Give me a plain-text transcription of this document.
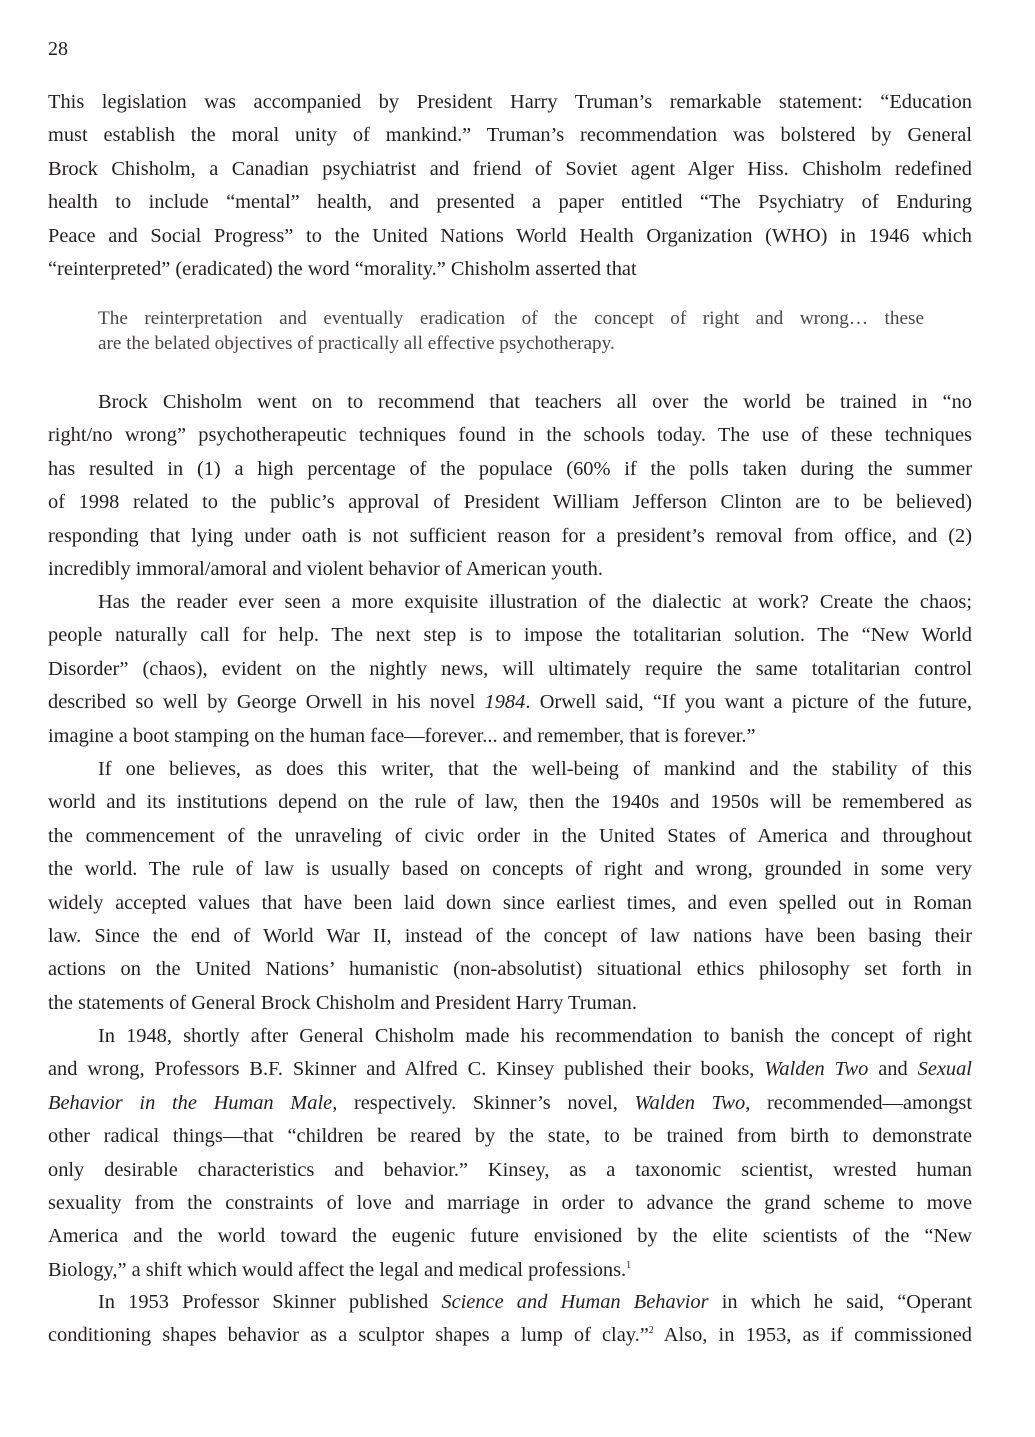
28
This legislation was accompanied by President Harry Truman’s remarkable statement: “Education
must establish the moral unity of mankind.” Truman’s recommendation was bolstered by General
Brock Chisholm, a Canadian psychiatrist and friend of Soviet agent Alger Hiss. Chisholm redefined
health to include “mental” health, and presented a paper entitled “The Psychiatry of Enduring
Peace and Social Progress” to the United Nations World Health Organization (WHO) in 1946 which
“reinterpreted” (eradicated) the word “morality.” Chisholm asserted that
The reinterpretation and eventually eradication of the concept of right and wrong… these
are the belated objectives of practically all effective psychotherapy.
Brock Chisholm went on to recommend that teachers all over the world be trained in “no
right/no wrong” psychotherapeutic techniques found in the schools today. The use of these techniques
has resulted in (1) a high percentage of the populace (60% if the polls taken during the summer
of 1998 related to the public’s approval of President William Jefferson Clinton are to be believed)
responding that lying under oath is not sufficient reason for a president’s removal from office, and (2)
incredibly immoral/amoral and violent behavior of American youth.
Has the reader ever seen a more exquisite illustration of the dialectic at work? Create the chaos;
people naturally call for help. The next step is to impose the totalitarian solution. The “New World
Disorder” (chaos), evident on the nightly news, will ultimately require the same totalitarian control
described so well by George Orwell in his novel 1984. Orwell said, “If you want a picture of the future,
imagine a boot stamping on the human face—forever... and remember, that is forever.”
If one believes, as does this writer, that the well-being of mankind and the stability of this
world and its institutions depend on the rule of law, then the 1940s and 1950s will be remembered as
the commencement of the unraveling of civic order in the United States of America and throughout
the world. The rule of law is usually based on concepts of right and wrong, grounded in some very
widely accepted values that have been laid down since earliest times, and even spelled out in Roman
law. Since the end of World War II, instead of the concept of law nations have been basing their
actions on the United Nations’ humanistic (non-absolutist) situational ethics philosophy set forth in
the statements of General Brock Chisholm and President Harry Truman.
In 1948, shortly after General Chisholm made his recommendation to banish the concept of right
and wrong, Professors B.F. Skinner and Alfred C. Kinsey published their books, Walden Two and Sexual
Behavior in the Human Male, respectively. Skinner’s novel, Walden Two, recommended—amongst
other radical things—that “children be reared by the state, to be trained from birth to demonstrate
only desirable characteristics and behavior.” Kinsey, as a taxonomic scientist, wrested human
sexuality from the constraints of love and marriage in order to advance the grand scheme to move
America and the world toward the eugenic future envisioned by the elite scientists of the “New
Biology,” a shift which would affect the legal and medical professions.$^1$
In 1953 Professor Skinner published Science and Human Behavior in which he said, “Operant
conditioning shapes behavior as a sculptor shapes a lump of clay.”$^2$ Also, in 1953, as if commissioned
